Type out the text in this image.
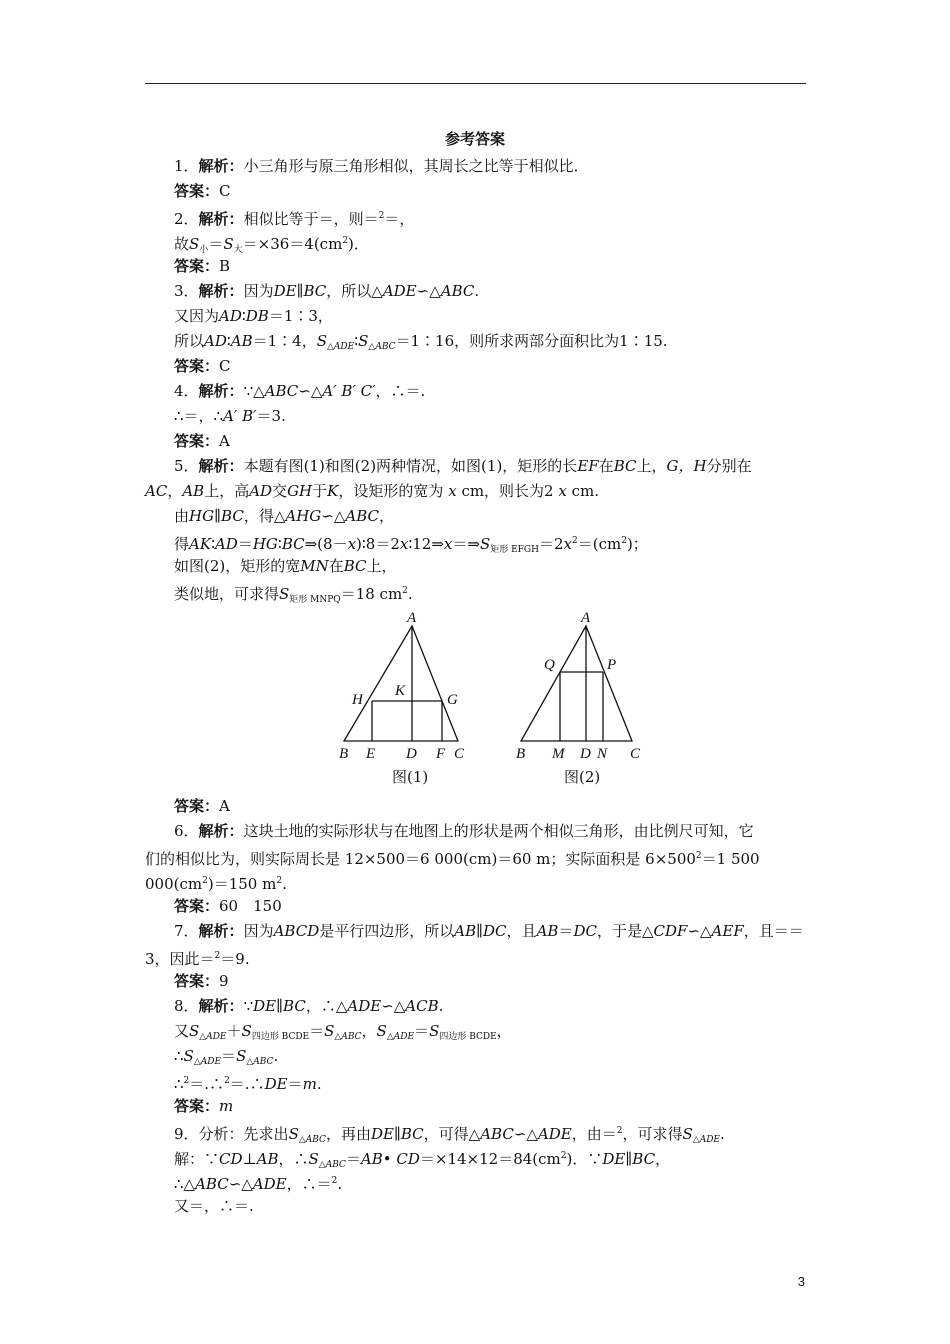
参考答案
1．解析：小三角形与原三角形相似，其周长之比等于相似比．
答案：C
2．解析：相似比等于＝，则＝$^2$＝，
故$S_小=S_大=\times 36=4(cm^2)$．
答案：B
3．解析：因为DE∥BC，所以△ADE∽△ABC.
又因为AD∶DB＝1∶3，
所以AD∶AB＝1∶4，$S_{\triangle ADE}∶S_{\triangle ABC}=1∶16$，则所求两部分面积比为1∶15.
答案：C
4．解析：∵△ABC∽△A′ B′ C′，∴＝.
∴＝，∴A′ B′＝3.
答案：A
5．解析：本题有图(1)和图(2)两种情况，如图(1)，矩形的长EF在BC上，G，H分别在
AC，AB上，高AD交GH于K，设矩形的宽为 x cm，则长为2 x cm.
由HG∥BC，得△AHG∽△ABC，
得$AK∶AD=HG∶BC\Rightarrow(8-x)∶8=2x∶12\Rightarrow x=\Rightarrow S_{矩形 EFGH}=2x^2=(cm^2)$；
如图(2)，矩形的宽MN在BC上，
类似地，可求得$S_{矩形 MNPQ}=18$ $cm^2$.
A
H
K
G
B E D F C
A
Q	P
B M D N C
图(1)	图(2)
答案：A
6．解析：这块土地的实际形状与在地图上的形状是两个相似三角形，由比例尺可知，它
们的相似比为，则实际周长是 12×500＝6 000(cm)＝60 m；实际面积是 $6\times 500^2=1$ 500
$000(cm^2)=150$ $m^2$.
答案：60　150
7．解析：因为ABCD是平行四边形，所以AB∥DC，且AB＝DC，于是△CDF∽△AEF，且＝＝
3，因此＝$^2$＝9.
答案：9
8．解析：∵DE∥BC，∴△ADE∽△ACB.
又$S_{\triangle ADE}+S_{四边形 BCDE}=S_{\triangle ABC}$，$S_{\triangle ADE}=S_{四边形 BCDE}$，
$\therefore S_{\triangle ADE}=S_{\triangle ABC}$.
∴$^2$＝.∴$^2$＝.∴DE＝m.
答案：m
9．分析：先求出$S_{\triangle ABC}$，再由DE∥BC，可得△ABC∽△ADE，由＝$^2$，可求得$S_{\triangle ADE}$.
解：∵CD⊥AB，$\therefore S_{\triangle ABC}=AB•$ $CD=\times 14\times 12=84(cm^2)$．∵DE∥BC，
∴△ABC∽△ADE，∴＝$^2$.
又＝，∴＝.
3
